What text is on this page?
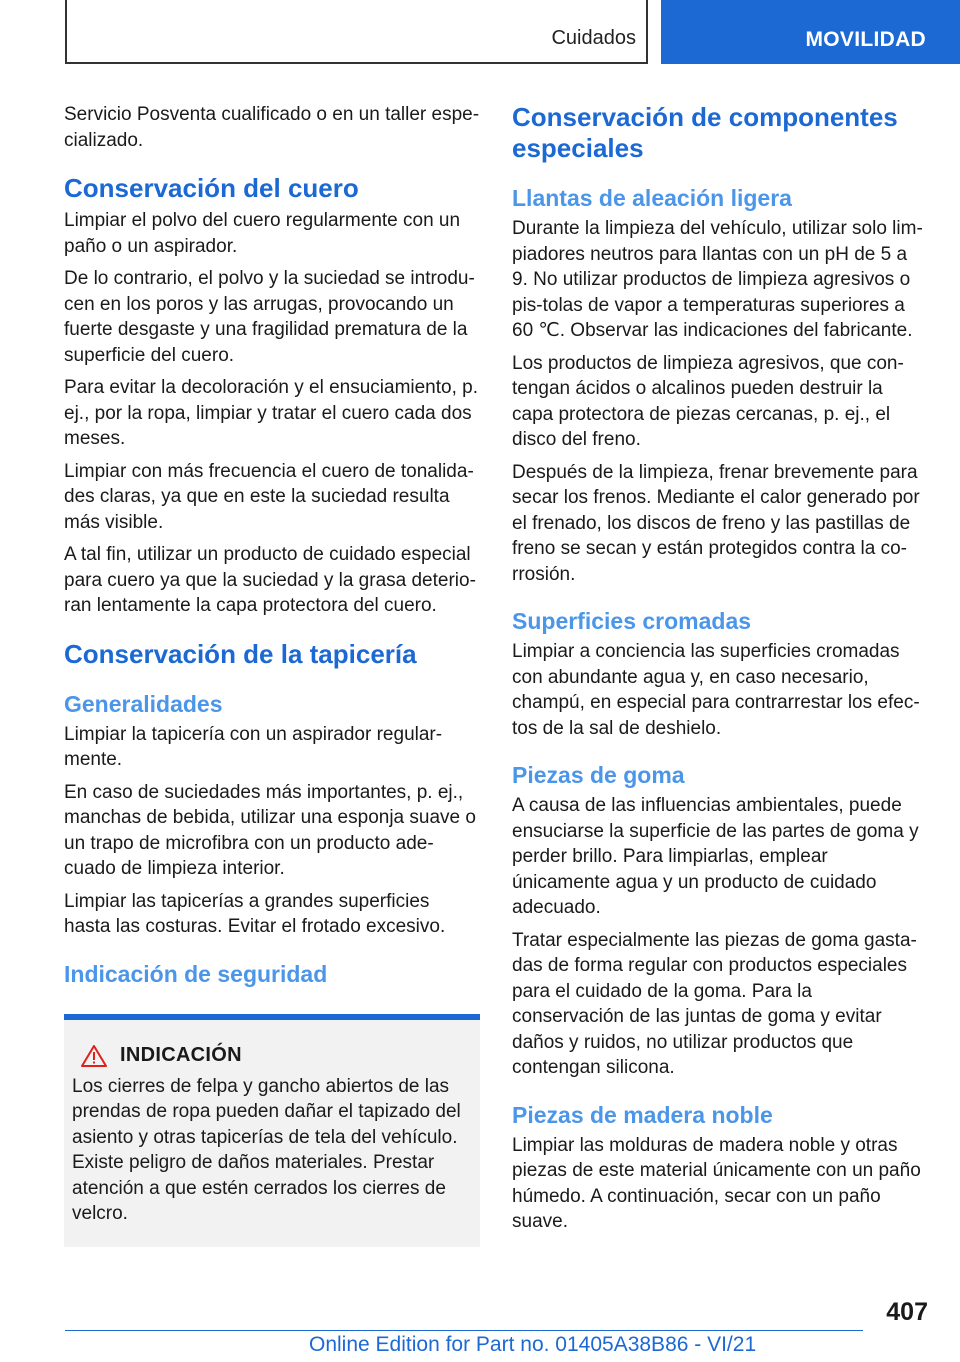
Cuidados	MOVILIDAD

Servicio Posventa cualificado o en un taller espe-cializado.

Conservación del cuero

Limpiar el polvo del cuero regularmente con un paño o un aspirador.

De lo contrario, el polvo y la suciedad se introdu-cen en los poros y las arrugas, provocando un fuerte desgaste y una fragilidad prematura de la superficie del cuero.

Para evitar la decoloración y el ensuciamiento, p. ej., por la ropa, limpiar y tratar el cuero cada dos meses.

Limpiar con más frecuencia el cuero de tonalida-des claras, ya que en este la suciedad resulta más visible.

A tal fin, utilizar un producto de cuidado especial para cuero ya que la suciedad y la grasa deterio-ran lentamente la capa protectora del cuero.

Conservación de la tapicería
Generalidades

Limpiar la tapicería con un aspirador regular-mente.

En caso de suciedades más importantes, p. ej., manchas de bebida, utilizar una esponja suave o un trapo de microfibra con un producto ade-cuado de limpieza interior.

Limpiar las tapicerías a grandes superficies hasta las costuras. Evitar el frotado excesivo.

Indicación de seguridad
INDICACIÓN

Los cierres de felpa y gancho abiertos de las prendas de ropa pueden dañar el tapizado del asiento y otras tapicerías de tela del vehículo. Existe peligro de daños materiales. Prestar atención a que estén cerrados los cierres de velcro.

Conservación de componentes especiales
Llantas de aleación ligera

Durante la limpieza del vehículo, utilizar solo lim-piadores neutros para llantas con un pH de 5 a 9. No utilizar productos de limpieza agresivos o pis-tolas de vapor a temperaturas superiores a 60 ℃. Observar las indicaciones del fabricante.

Los productos de limpieza agresivos, que con-tengan ácidos o alcalinos pueden destruir la capa protectora de piezas cercanas, p. ej., el disco del freno.

Después de la limpieza, frenar brevemente para secar los frenos. Mediante el calor generado por el frenado, los discos de freno y las pastillas de freno se secan y están protegidos contra la co-rrosión.

Superficies cromadas

Limpiar a conciencia las superficies cromadas con abundante agua y, en caso necesario, champú, en especial para contrarrestar los efec-tos de la sal de deshielo.

Piezas de goma

A causa de las influencias ambientales, puede ensuciarse la superficie de las partes de goma y perder brillo. Para limpiarlas, emplear únicamente agua y un producto de cuidado adecuado.

Tratar especialmente las piezas de goma gasta-das de forma regular con productos especiales para el cuidado de la goma. Para la conservación de las juntas de goma y evitar daños y ruidos, no utilizar productos que contengan silicona.

Piezas de madera noble

Limpiar las molduras de madera noble y otras piezas de este material únicamente con un paño húmedo. A continuación, secar con un paño suave.

407
Online Edition for Part no. 01405A38B86 - VI/21
